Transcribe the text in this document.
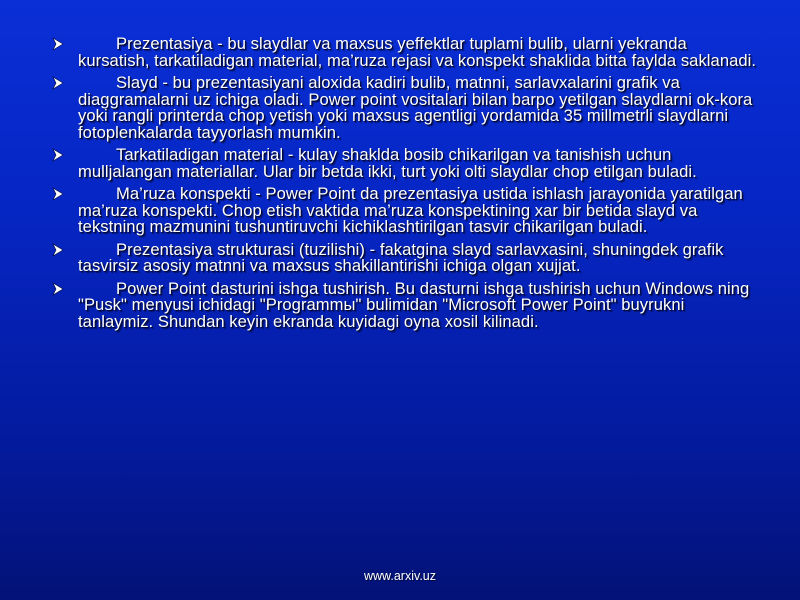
Prezentasiya - bu slaydlar va maxsus yeffektlar tuplami bulib, ularni yekranda kursatish, tarkatiladigan material, ma’ruza rejasi va konspekt shaklida bitta faylda saklanadi.
Slayd - bu prezentasiyani aloxida kadiri bulib, matnni, sarlavxalarini grafik va diaggramalarni uz ichiga oladi. Power point vositalari bilan barpo yetilgan slaydlarni ok-kora yoki rangli printerda chop yetish yoki maxsus agentligi yordamida 35 millmetrli slaydlarni fotoplenkalarda tayyorlash mumkin.
Tarkatiladigan material - kulay shaklda bosib chikarilgan va tanishish uchun mulljalangan materiallar. Ular bir betda ikki, turt yoki olti slaydlar chop etilgan buladi.
Ma’ruza konspekti - Power Point da prezentasiya ustida ishlash jarayonida yaratilgan ma’ruza konspekti. Chop etish vaktida ma’ruza konspektining xar bir betida slayd va tekstning mazmunini tushuntiruvchi kichiklashtirilgan tasvir chikarilgan buladi.
Prezentasiya strukturasi (tuzilishi) - fakatgina slayd sarlavxasini, shuningdek grafik tasvirsiz asosiy matnni va maxsus shakillantirishi ichiga olgan xujjat.
Power Point dasturini ishga tushirish. Bu dasturni ishga tushirish uchun Windows ning "Pusk" menyusi ichidagi "Programmы" bulimidan "Microsoft Power Point" buyrukni tanlaymiz. Shundan keyin ekranda kuyidagi oyna xosil kilinadi.
www.arxiv.uz
